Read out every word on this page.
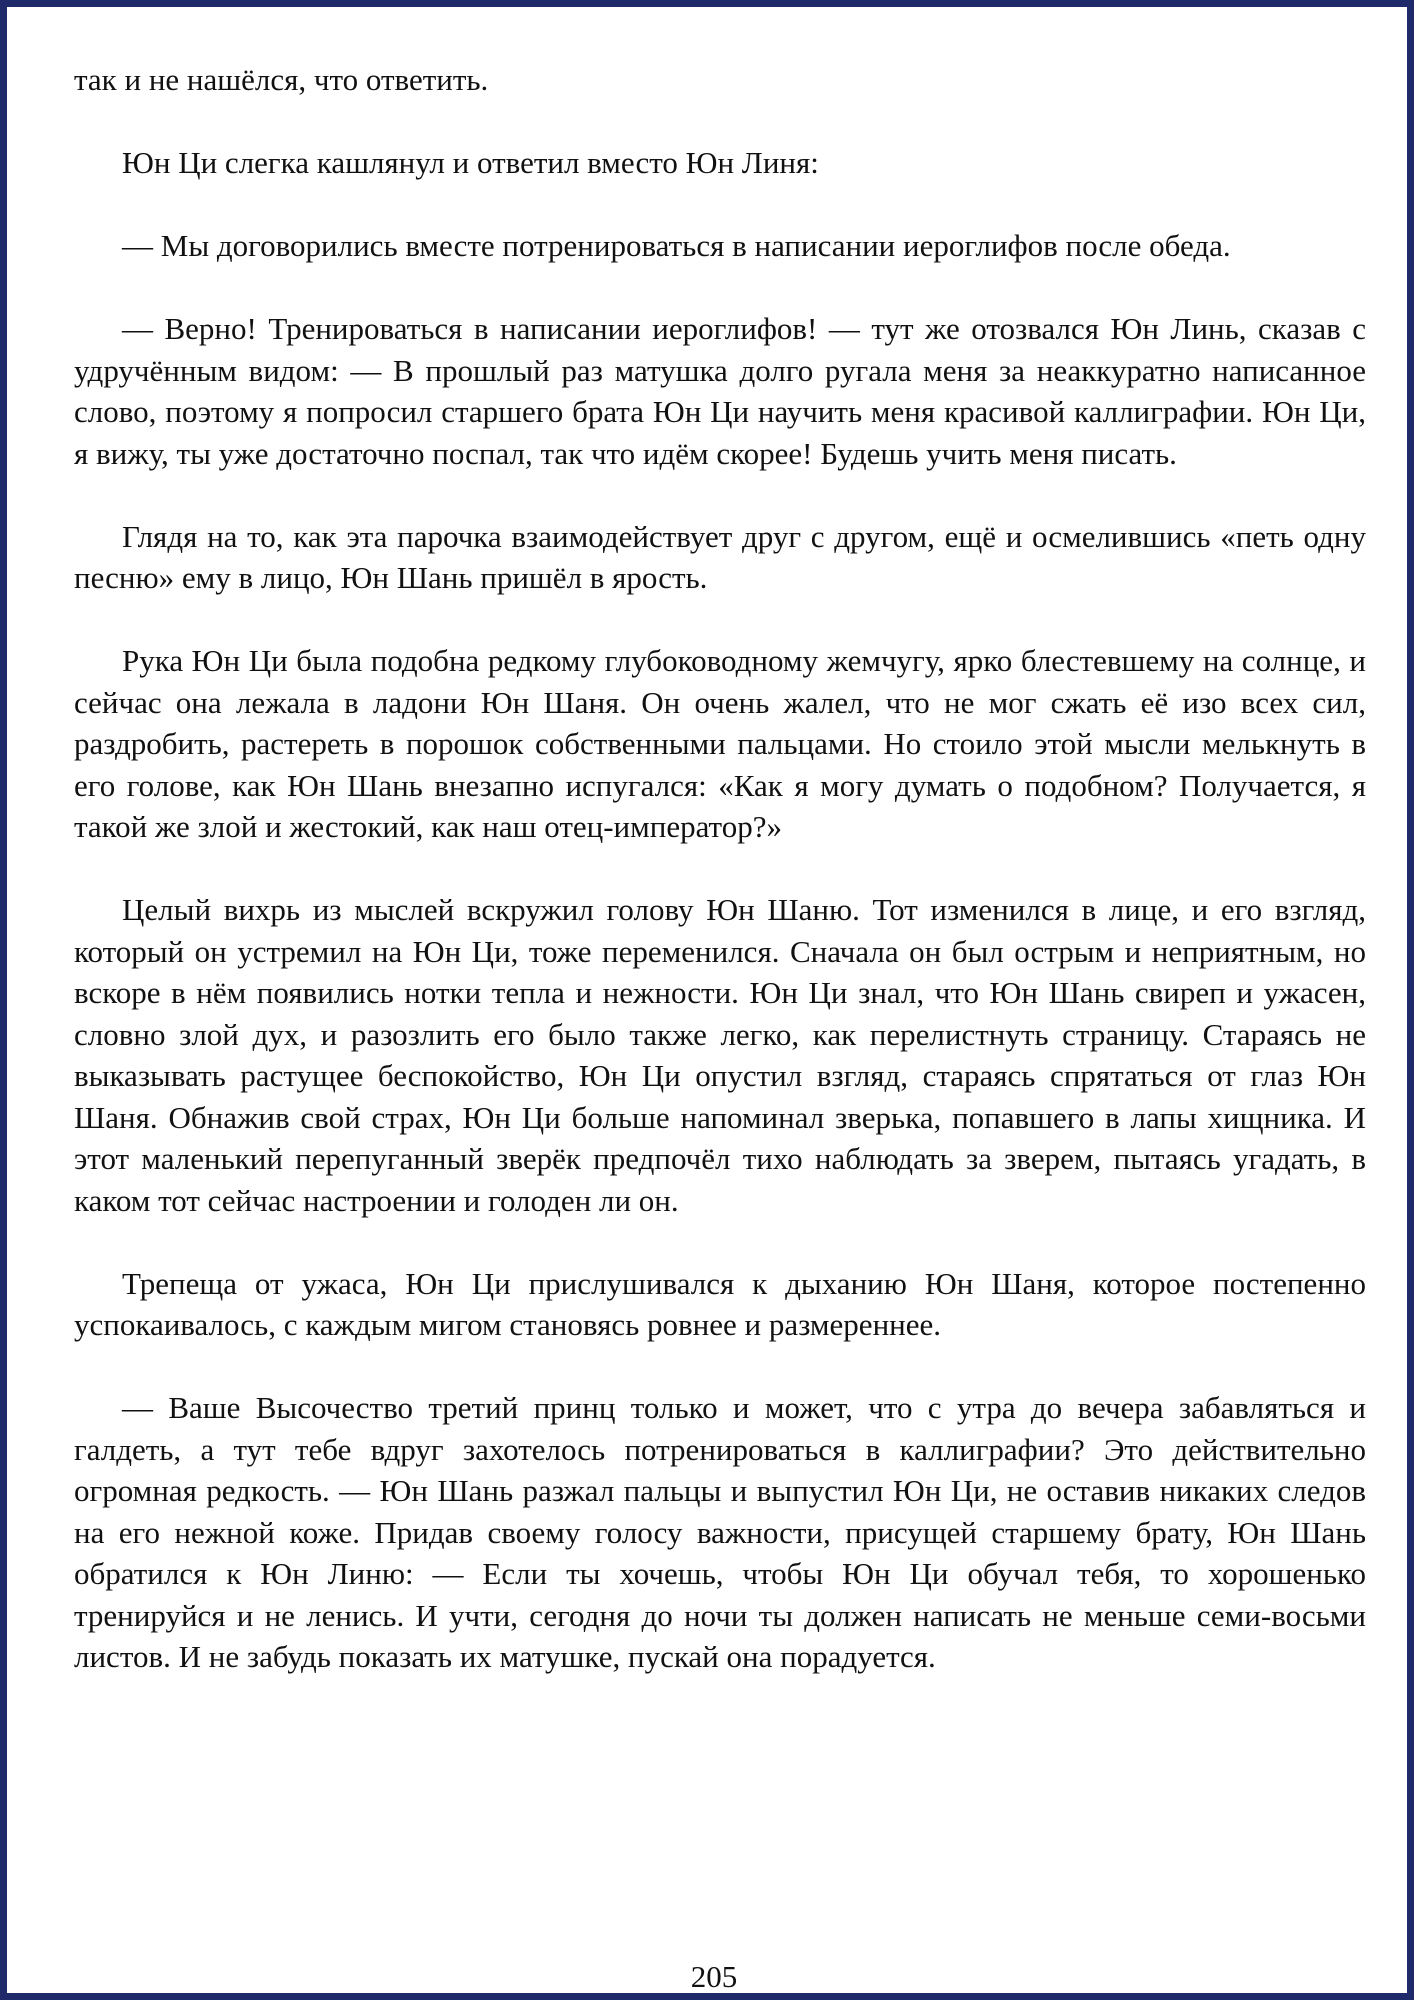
так и не нашёлся, что ответить.

Юн Ци слегка кашлянул и ответил вместо Юн Линя:

— Мы договорились вместе потренироваться в написании иероглифов после обеда.

— Верно! Тренироваться в написании иероглифов! — тут же отозвался Юн Линь, сказав с удручённым видом: — В прошлый раз матушка долго ругала меня за неаккуратно написанное слово, поэтому я попросил старшего брата Юн Ци научить меня красивой каллиграфии. Юн Ци, я вижу, ты уже достаточно поспал, так что идём скорее! Будешь учить меня писать.

Глядя на то, как эта парочка взаимодействует друг с другом, ещё и осмелившись «петь одну песню» ему в лицо, Юн Шань пришёл в ярость.

Рука Юн Ци была подобна редкому глубоководному жемчугу, ярко блестевшему на солнце, и сейчас она лежала в ладони Юн Шаня. Он очень жалел, что не мог сжать её изо всех сил, раздробить, растереть в порошок собственными пальцами. Но стоило этой мысли мелькнуть в его голове, как Юн Шань внезапно испугался: «Как я могу думать о подобном? Получается, я такой же злой и жестокий, как наш отец-император?»

Целый вихрь из мыслей вскружил голову Юн Шаню. Тот изменился в лице, и его взгляд, который он устремил на Юн Ци, тоже переменился. Сначала он был острым и неприятным, но вскоре в нём появились нотки тепла и нежности. Юн Ци знал, что Юн Шань свиреп и ужасен, словно злой дух, и разозлить его было также легко, как перелистнуть страницу. Стараясь не выказывать растущее беспокойство, Юн Ци опустил взгляд, стараясь спрятаться от глаз Юн Шаня. Обнажив свой страх, Юн Ци больше напоминал зверька, попавшего в лапы хищника. И этот маленький перепуганный зверёк предпочёл тихо наблюдать за зверем, пытаясь угадать, в каком тот сейчас настроении и голоден ли он.

Трепеща от ужаса, Юн Ци прислушивался к дыханию Юн Шаня, которое постепенно успокаивалось, с каждым мигом становясь ровнее и размереннее.

— Ваше Высочество третий принц только и может, что с утра до вечера забавляться и галдеть, а тут тебе вдруг захотелось потренироваться в каллиграфии? Это действительно огромная редкость. — Юн Шань разжал пальцы и выпустил Юн Ци, не оставив никаких следов на его нежной коже. Придав своему голосу важности, присущей старшему брату, Юн Шань обратился к Юн Линю: — Если ты хочешь, чтобы Юн Ци обучал тебя, то хорошенько тренируйся и не ленись. И учти, сегодня до ночи ты должен написать не меньше семи-восьми листов. И не забудь показать их матушке, пускай она порадуется.

205
